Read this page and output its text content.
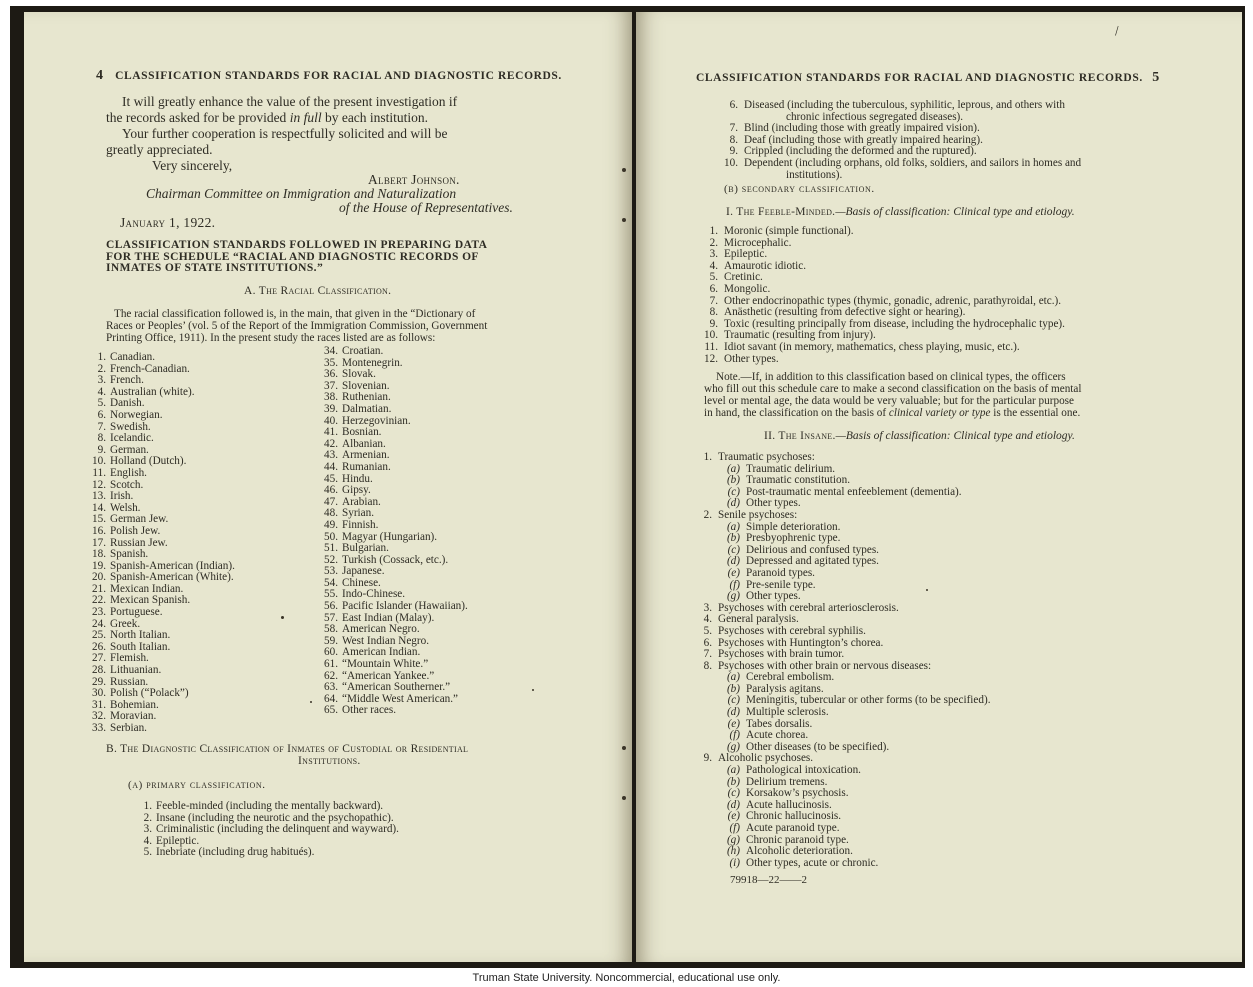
4 CLASSIFICATION STANDARDS FOR RACIAL AND DIAGNOSTIC RECORDS.
It will greatly enhance the value of the present investigation if
the records asked for be provided in full by each institution.
Your further cooperation is respectfully solicited and will be
greatly appreciated.
Very sincerely,
Albert Johnson.
Chairman Committee on Immigration and Naturalization
of the House of Representatives.
January 1, 1922.
CLASSIFICATION STANDARDS FOLLOWED IN PREPARING DATA
FOR THE SCHEDULE “RACIAL AND DIAGNOSTIC RECORDS OF
INMATES OF STATE INSTITUTIONS.”
A. The Racial Classification.
The racial classification followed is, in the main, that given in the “Dictionary of
Races or Peoples’ (vol. 5 of the Report of the Immigration Commission, Government
Printing Office, 1911). In the present study the races listed are as follows:
1. Canadian.
2. French-Canadian.
3. French.
4. Australian (white).
5. Danish.
6. Norwegian.
7. Swedish.
8. Icelandic.
9. German.
10. Holland (Dutch).
11. English.
12. Scotch.
13. Irish.
14. Welsh.
15. German Jew.
16. Polish Jew.
17. Russian Jew.
18. Spanish.
19. Spanish-American (Indian).
20. Spanish-American (White).
21. Mexican Indian.
22. Mexican Spanish.
23. Portuguese.
24. Greek.
25. North Italian.
26. South Italian.
27. Flemish.
28. Lithuanian.
29. Russian.
30. Polish (“Polack”)
31. Bohemian.
32. Moravian.
33. Serbian.
34. Croatian.
35. Montenegrin.
36. Slovak.
37. Slovenian.
38. Ruthenian.
39. Dalmatian.
40. Herzegovinian.
41. Bosnian.
42. Albanian.
43. Armenian.
44. Rumanian.
45. Hindu.
46. Gipsy.
47. Arabian.
48. Syrian.
49. Finnish.
50. Magyar (Hungarian).
51. Bulgarian.
52. Turkish (Cossack, etc.).
53. Japanese.
54. Chinese.
55. Indo-Chinese.
56. Pacific Islander (Hawaiian).
57. East Indian (Malay).
58. American Negro.
59. West Indian Negro.
60. American Indian.
61. “Mountain White.”
62. “American Yankee.”
63. “American Southerner.”
64. “Middle West American.”
65. Other races.
B. The Diagnostic Classification of Inmates of Custodial or Residential
Institutions.
(a) primary classification.
1. Feeble-minded (including the mentally backward).
2. Insane (including the neurotic and the psychopathic).
3. Criminalistic (including the delinquent and wayward).
4. Epileptic.
5. Inebriate (including drug habitués).
CLASSIFICATION STANDARDS FOR RACIAL AND DIAGNOSTIC RECORDS. 5
6. Diseased (including the tuberculous, syphilitic, leprous, and others with
chronic infectious segregated diseases).
7. Blind (including those with greatly impaired vision).
8. Deaf (including those with greatly impaired hearing).
9. Crippled (including the deformed and the ruptured).
10. Dependent (including orphans, old folks, soldiers, and sailors in homes and
institutions).
(b) secondary classification.
I. The Feeble-Minded.—Basis of classification: Clinical type and etiology.
1. Moronic (simple functional).
2. Microcephalic.
3. Epileptic.
4. Amaurotic idiotic.
5. Cretinic.
6. Mongolic.
7. Other endocrinopathic types (thymic, gonadic, adrenic, parathyroidal, etc.).
8. Anästhetic (resulting from defective sight or hearing).
9. Toxic (resulting principally from disease, including the hydrocephalic type).
10. Traumatic (resulting from injury).
11. Idiot savant (in memory, mathematics, chess playing, music, etc.).
12. Other types.
Note.—If, in addition to this classification based on clinical types, the officers
who fill out this schedule care to make a second classification on the basis of mental
level or mental age, the data would be very valuable; but for the particular purpose
in hand, the classification on the basis of clinical variety or type is the essential one.
II. The Insane.—Basis of classification: Clinical type and etiology.
1. Traumatic psychoses:
(a) Traumatic delirium.
(b) Traumatic constitution.
(c) Post-traumatic mental enfeeblement (dementia).
(d) Other types.
2. Senile psychoses:
(a) Simple deterioration.
(b) Presbyophrenic type.
(c) Delirious and confused types.
(d) Depressed and agitated types.
(e) Paranoid types.
(f) Pre-senile type.
(g) Other types.
3. Psychoses with cerebral arteriosclerosis.
4. General paralysis.
5. Psychoses with cerebral syphilis.
6. Psychoses with Huntington’s chorea.
7. Psychoses with brain tumor.
8. Psychoses with other brain or nervous diseases:
(a) Cerebral embolism.
(b) Paralysis agitans.
(c) Meningitis, tubercular or other forms (to be specified).
(d) Multiple sclerosis.
(e) Tabes dorsalis.
(f) Acute chorea.
(g) Other diseases (to be specified).
9. Alcoholic psychoses.
(a) Pathological intoxication.
(b) Delirium tremens.
(c) Korsakow’s psychosis.
(d) Acute hallucinosis.
(e) Chronic hallucinosis.
(f) Acute paranoid type.
(g) Chronic paranoid type.
(h) Alcoholic deterioration.
(i) Other types, acute or chronic.
79918—22——2
\
Truman State University. Noncommercial, educational use only.
